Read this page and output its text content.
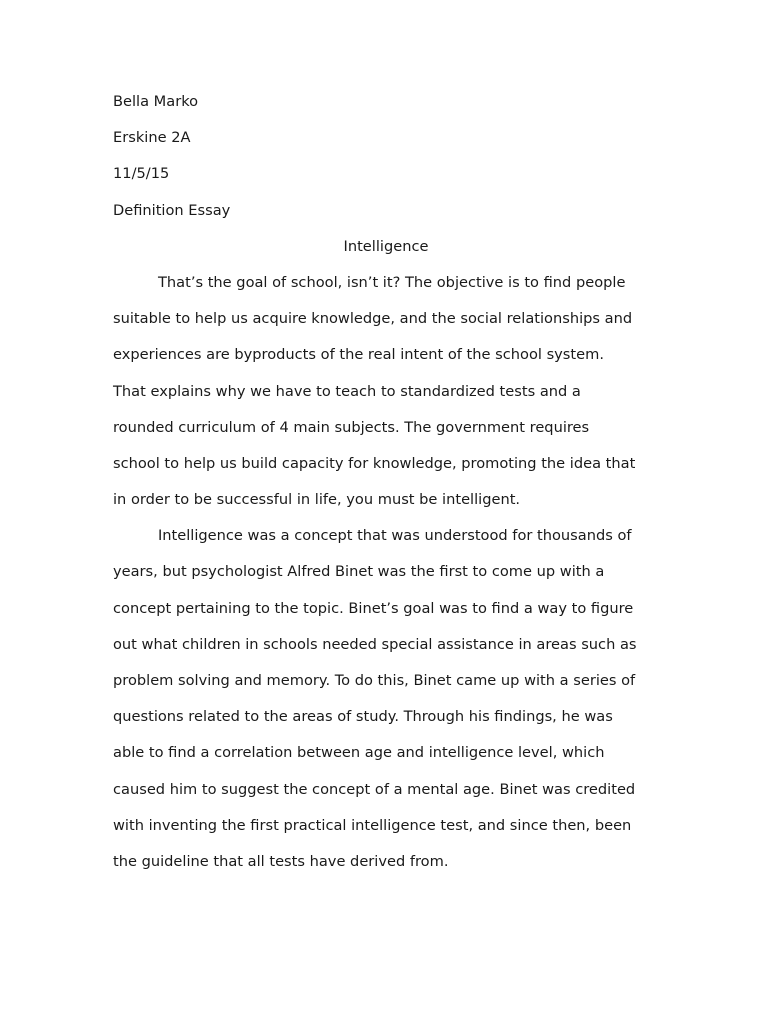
Bella Marko
Erskine 2A
11/5/15
Definition Essay
Intelligence
That’s the goal of school, isn’t it? The objective is to find people
suitable to help us acquire knowledge, and the social relationships and
experiences are byproducts of the real intent of the school system.
That explains why we have to teach to standardized tests and a
rounded curriculum of 4 main subjects. The government requires
school to help us build capacity for knowledge, promoting the idea that
in order to be successful in life, you must be intelligent.
Intelligence was a concept that was understood for thousands of
years, but psychologist Alfred Binet was the first to come up with a
concept pertaining to the topic. Binet’s goal was to find a way to figure
out what children in schools needed special assistance in areas such as
problem solving and memory. To do this, Binet came up with a series of
questions related to the areas of study. Through his findings, he was
able to find a correlation between age and intelligence level, which
caused him to suggest the concept of a mental age. Binet was credited
with inventing the first practical intelligence test, and since then, been
the guideline that all tests have derived from.
